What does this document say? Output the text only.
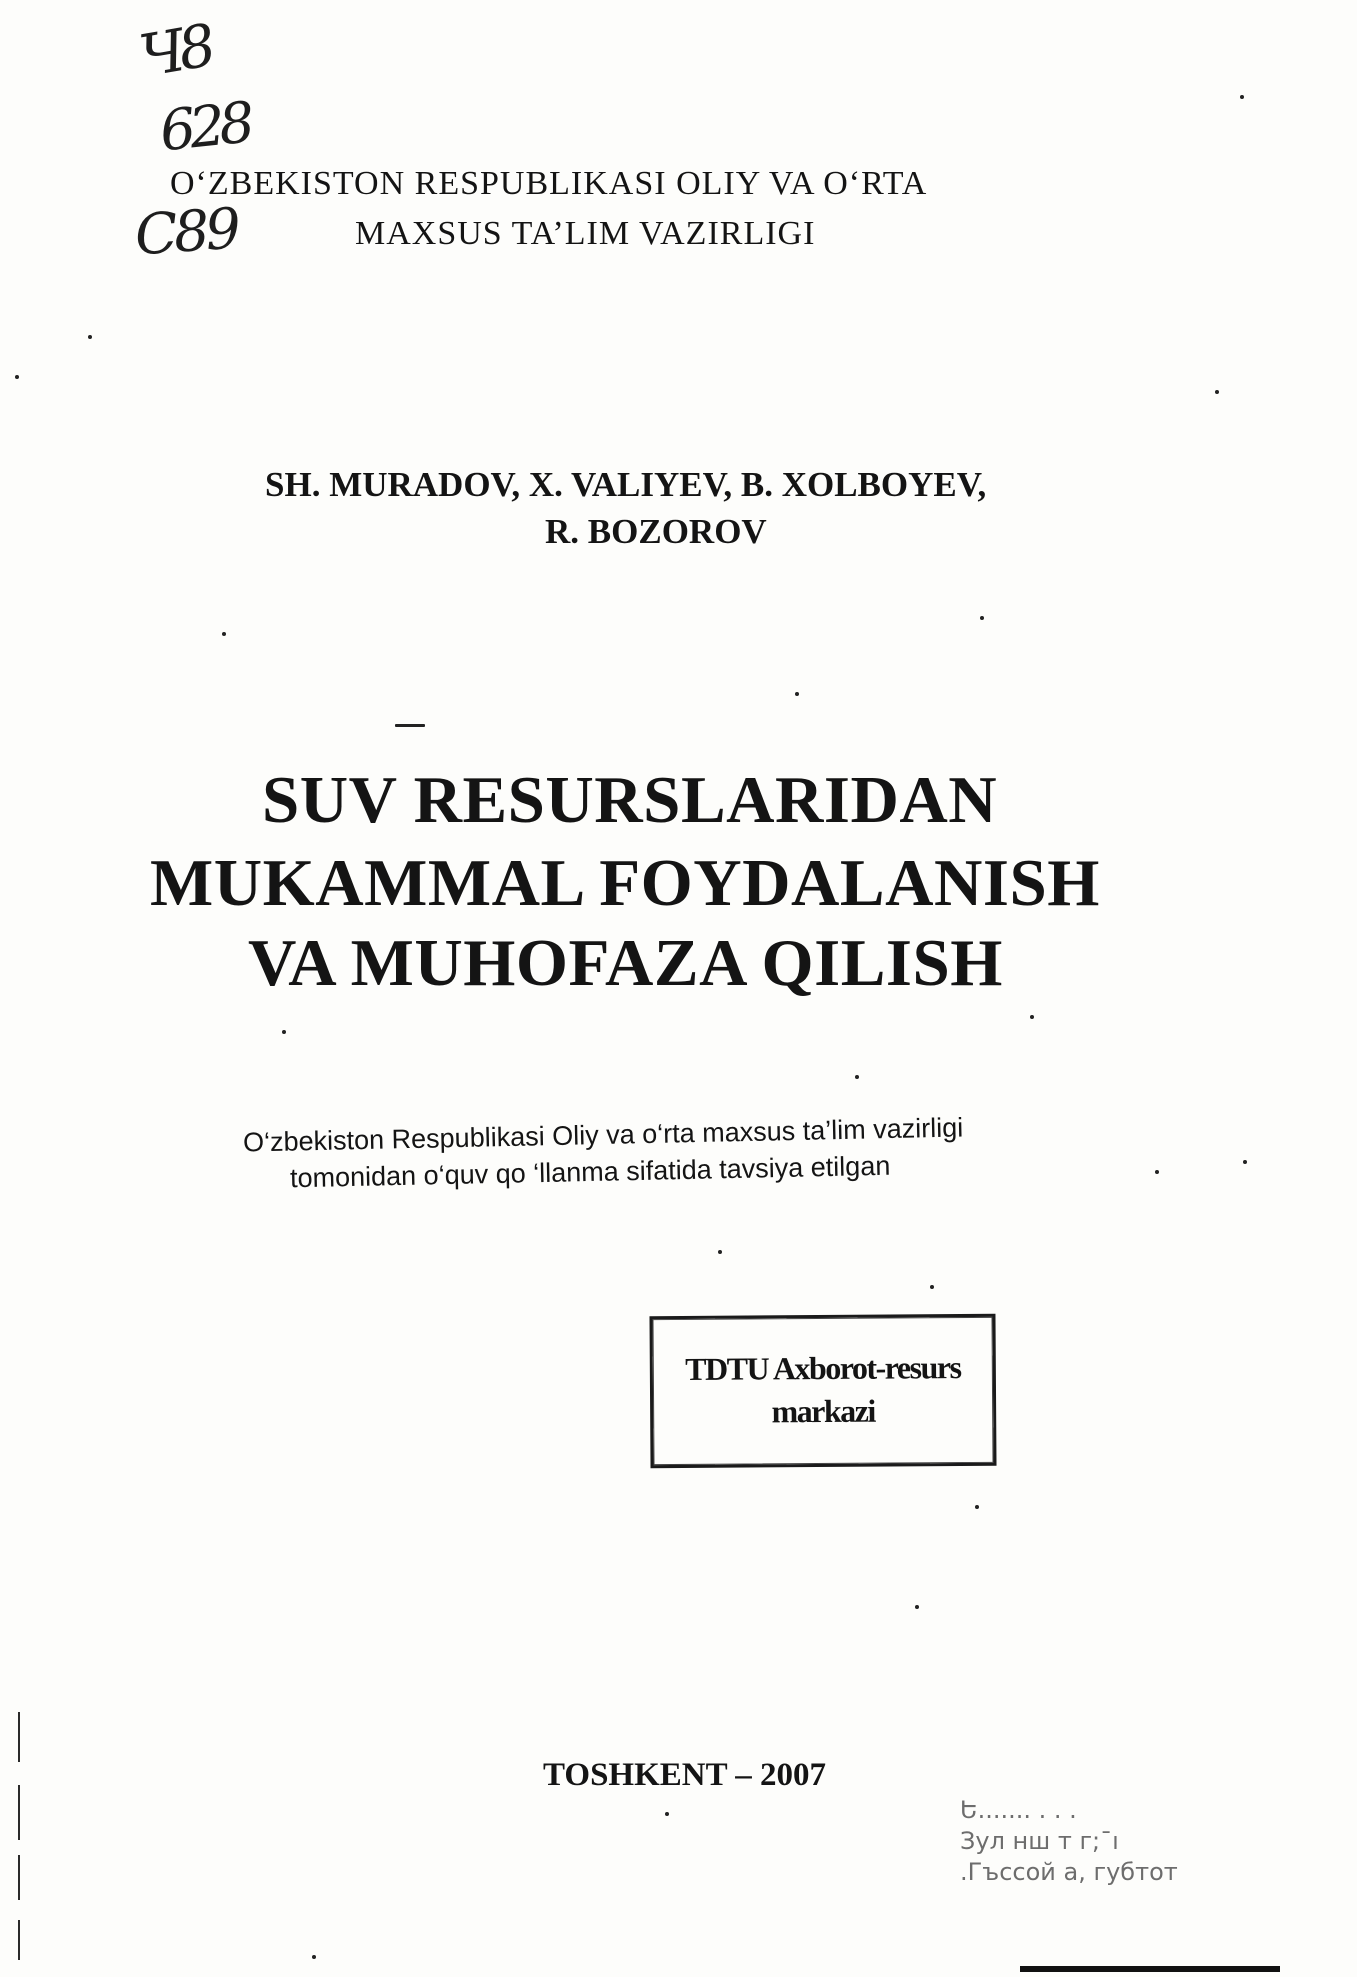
Ч8
628
C89
O‘ZBEKISTON RESPUBLIKASI OLIY VA O‘RTA
MAXSUS TA’LIM VAZIRLIGI
SH. MURADOV, X. VALIYEV, B. XOLBOYEV,
R. BOZOROV
SUV RESURSLARIDAN
MUKAMMAL FOYDALANISH
VA MUHOFAZA QILISH
O‘zbekiston Respublikasi Oliy va o‘rta maxsus ta’lim vazirligi
tomonidan o‘quv qo ‘llanma sifatida tavsiya etilgan
TDTU Axborot-resurs
markazi
TOSHKENT – 2007
Ե....... . . .
Зул нш т г;¯ı
.Гъссой а, губтот
